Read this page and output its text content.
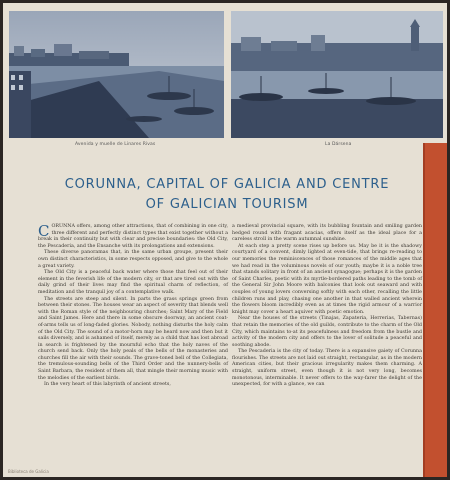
Avenida y muelle de Linares Rivas	La Dársena
CORUNNA, CAPITAL OF GALICIA AND CENTRE
OF GALICIAN TOURISM

CORUNNA offers, among other attractions, that of combining in one city, three different and perfectly distinct types that exist together without a break in their continuity but with clear and precise boundaries: the Old City, the Pescaderia, and the Ensanche with its prolongations and extensions.

These diverse panoramas that, in the same urban groupe, present their own distinct characteristics, in some respects opposed, and give to the whole a great variety.

The Old City is a peaceful back water where those that feel out of their element in the feverish life of the modern city, or that are tired out with the daily grind of their lives may find the spiritual charm of reflection, of meditation and the tranquil joy of a contemplative walk.

The streets are steep and silent. In parts the grass springs green from between their stones. The houses wear an aspect of severity that blends well with the Roman style of the neighbouring churches; Saint Mary of the Field and Saint James. Here and there in some obscure doorway, an ancient coat-of-arms tells us of long-faded glories. Nobody, nothing disturbs the holy calm of the Old City. The sound of a motor-horn may be heard now and then but it sails diversely, and is ashamed of itself, merely as a child that has lost abroad in search is frightened by the mournful echo that the holy naves of the church send back. Only the holy peals of the bells of the monasteries and churches fill the air with their sounds. The grave-toned bell of the Collegiata, the tremulous-sounding bells of the Third Order and the nunnery-bells of Saint Barbara, the resident of them all, that mingle their morning music with the melodies of the earliest birds.

In the very heart of this labyrinth of ancient streets,

a medieval provincial square, with its bubbling fountain and smiling garden hedged round with fragant acacias, offers itself as the ideal place for a careless stroll in the warm autumnal sunshine.

At each step a pretty scene rises up before us. May be it is the shadowy courtyard of a convent, dimly lighted at even-tide, that brings re-reading to our memories the reminiscences of those romances of the middle ages that we had read in the voluminous novels of our youth; maybe it is a noble tree that stands solitary in front of an ancient synagogue; perhaps it is the garden of Saint Charles, poetic with its myrtle-bordered paths leading to the tomb of the General Sir John Moore with balconies that look out seaward and with couples of young lovers conversing softly with each other, recalling the little children runs and play, chasing one another in that walled ancient wherein the flowers bloom incredibly even as at times the rigid armour of a warrior knight may cover a heart aquiver with poetic emotion.

Near the houses of the streets (Tinajas, Zapateria, Herrerias, Tabernas) that retain the memories of the old guilds, contribute to the charm of the Old City, which maintains to-at its peacefulness and freedom from the bustle and activity of the modern city and offers to the lover of solitude a peaceful and soothing abode.

The Pescaderia is the city of today. There is a expansive gaiety of Corunna flourishes. The streets are not laid out straight, rectangular, as in the modern American cities, but their gracious irregularity makes them charming. A straight, uniform street, even though it is not very long, becomes monotonous, interminable. It never offers to the way-farer the delight of the unexpected, for with a glance, we can

Biblioteca de Galicia
